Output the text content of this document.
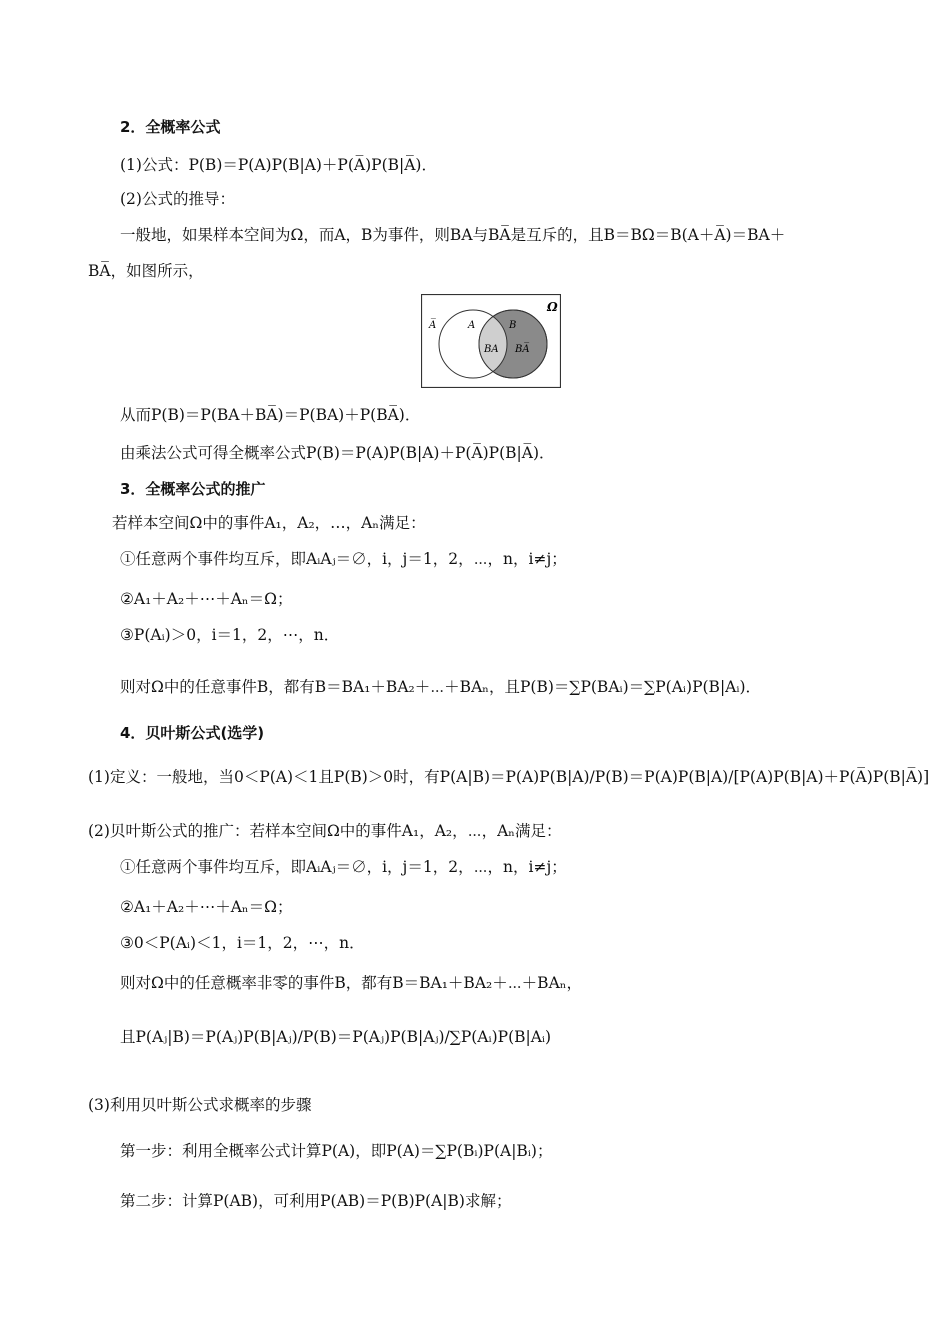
2．全概率公式
(1)公式：P(B)＝P(A)P(B|A)＋P(A̅)P(B|A̅)．
(2)公式的推导：
一般地，如果样本空间为Ω，而A，B为事件，则BA与BA̅是互斥的，且B＝BΩ＝B(A＋A̅)＝BA＋
BA̅，如图所示，
Ω
A̅	A	B
BA BA̅
从而P(B)＝P(BA＋BA̅)＝P(BA)＋P(BA̅)．
由乘法公式可得全概率公式P(B)＝P(A)P(B|A)＋P(A̅)P(B|A̅)．
3．全概率公式的推广
若样本空间Ω中的事件A₁，A₂，…，Aₙ满足：
①任意两个事件均互斥，即AᵢAⱼ＝∅，i，j＝1，2，⋯，n，i≠j；
②A₁＋A₂＋⋯＋Aₙ＝Ω；
③P(Aᵢ)＞0，i＝1，2，⋯，n．
则对Ω中的任意事件B，都有B＝BA₁＋BA₂＋⋯＋BAₙ，且P(B)＝∑P(BAᵢ)＝∑P(Aᵢ)P(B|Aᵢ)．
4．贝叶斯公式(选学)
(1)定义：一般地，当0＜P(A)＜1且P(B)＞0时，有P(A|B)＝P(A)P(B|A)/P(B)＝P(A)P(B|A)/[P(A)P(B|A)＋P(A̅)P(B|A̅)]
(2)贝叶斯公式的推广：若样本空间Ω中的事件A₁，A₂，⋯，Aₙ满足：
①任意两个事件均互斥，即AᵢAⱼ＝∅，i，j＝1，2，⋯，n，i≠j；
②A₁＋A₂＋⋯＋Aₙ＝Ω；
③0＜P(Aᵢ)＜1，i＝1，2，⋯，n．
则对Ω中的任意概率非零的事件B，都有B＝BA₁＋BA₂＋⋯＋BAₙ，
且P(Aⱼ|B)＝P(Aⱼ)P(B|Aⱼ)/P(B)＝P(Aⱼ)P(B|Aⱼ)/∑P(Aᵢ)P(B|Aᵢ)
(3)利用贝叶斯公式求概率的步骤
第一步：利用全概率公式计算P(A)，即P(A)＝∑P(Bᵢ)P(A|Bᵢ)；
第二步：计算P(AB)，可利用P(AB)＝P(B)P(A|B)求解；
